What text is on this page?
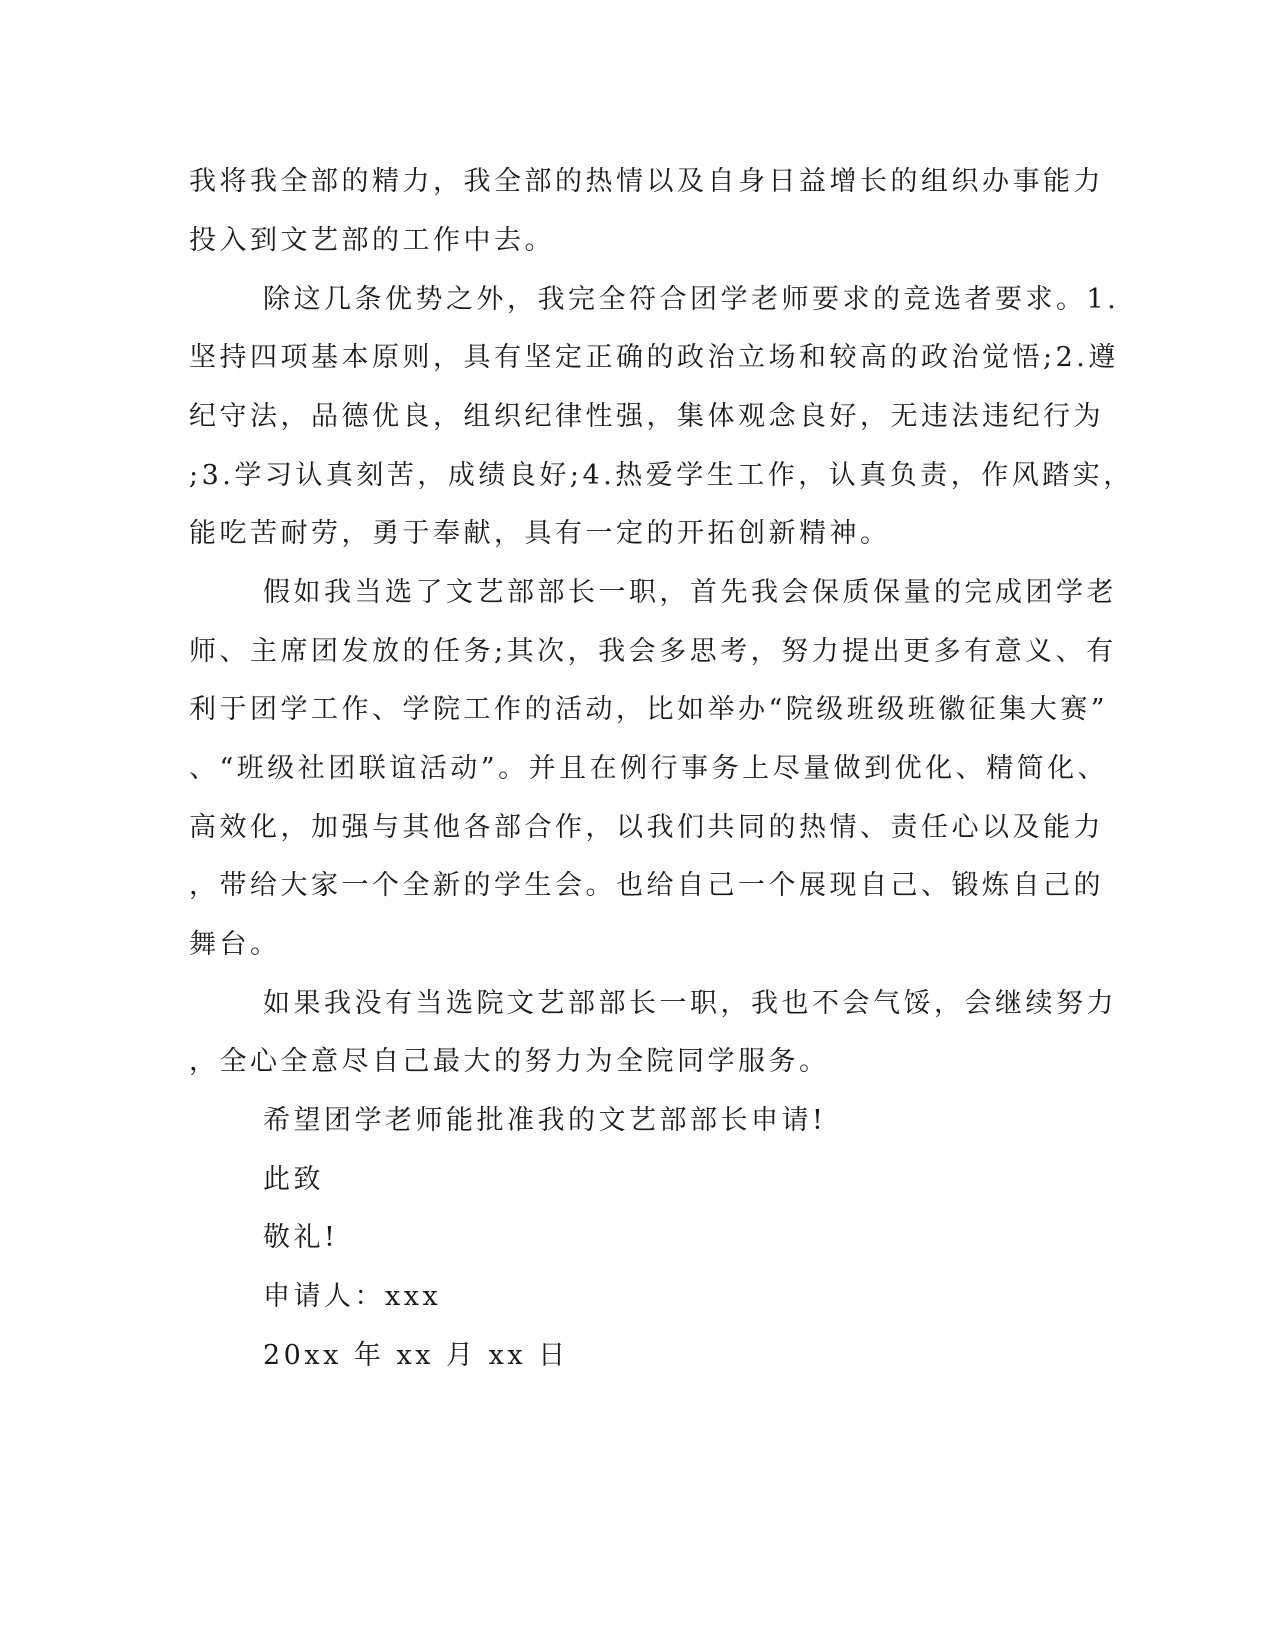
我将我全部的精力，我全部的热情以及自身日益增长的组织办事能力
投入到文艺部的工作中去。
除这几条优势之外，我完全符合团学老师要求的竞选者要求。1.
坚持四项基本原则，具有坚定正确的政治立场和较高的政治觉悟;2.遵
纪守法，品德优良，组织纪律性强，集体观念良好，无违法违纪行为
;3.学习认真刻苦，成绩良好;4.热爱学生工作，认真负责，作风踏实，
能吃苦耐劳，勇于奉献，具有一定的开拓创新精神。
假如我当选了文艺部部长一职，首先我会保质保量的完成团学老
师、主席团发放的任务;其次，我会多思考，努力提出更多有意义、有
利于团学工作、学院工作的活动，比如举办“院级班级班徽征集大赛”
、“班级社团联谊活动”。并且在例行事务上尽量做到优化、精简化、
高效化，加强与其他各部合作，以我们共同的热情、责任心以及能力
，带给大家一个全新的学生会。也给自己一个展现自己、锻炼自己的
舞台。
如果我没有当选院文艺部部长一职，我也不会气馁，会继续努力
，全心全意尽自己最大的努力为全院同学服务。
希望团学老师能批准我的文艺部部长申请!
此致
敬礼!
申请人：xxx
20xx 年 xx 月 xx 日
